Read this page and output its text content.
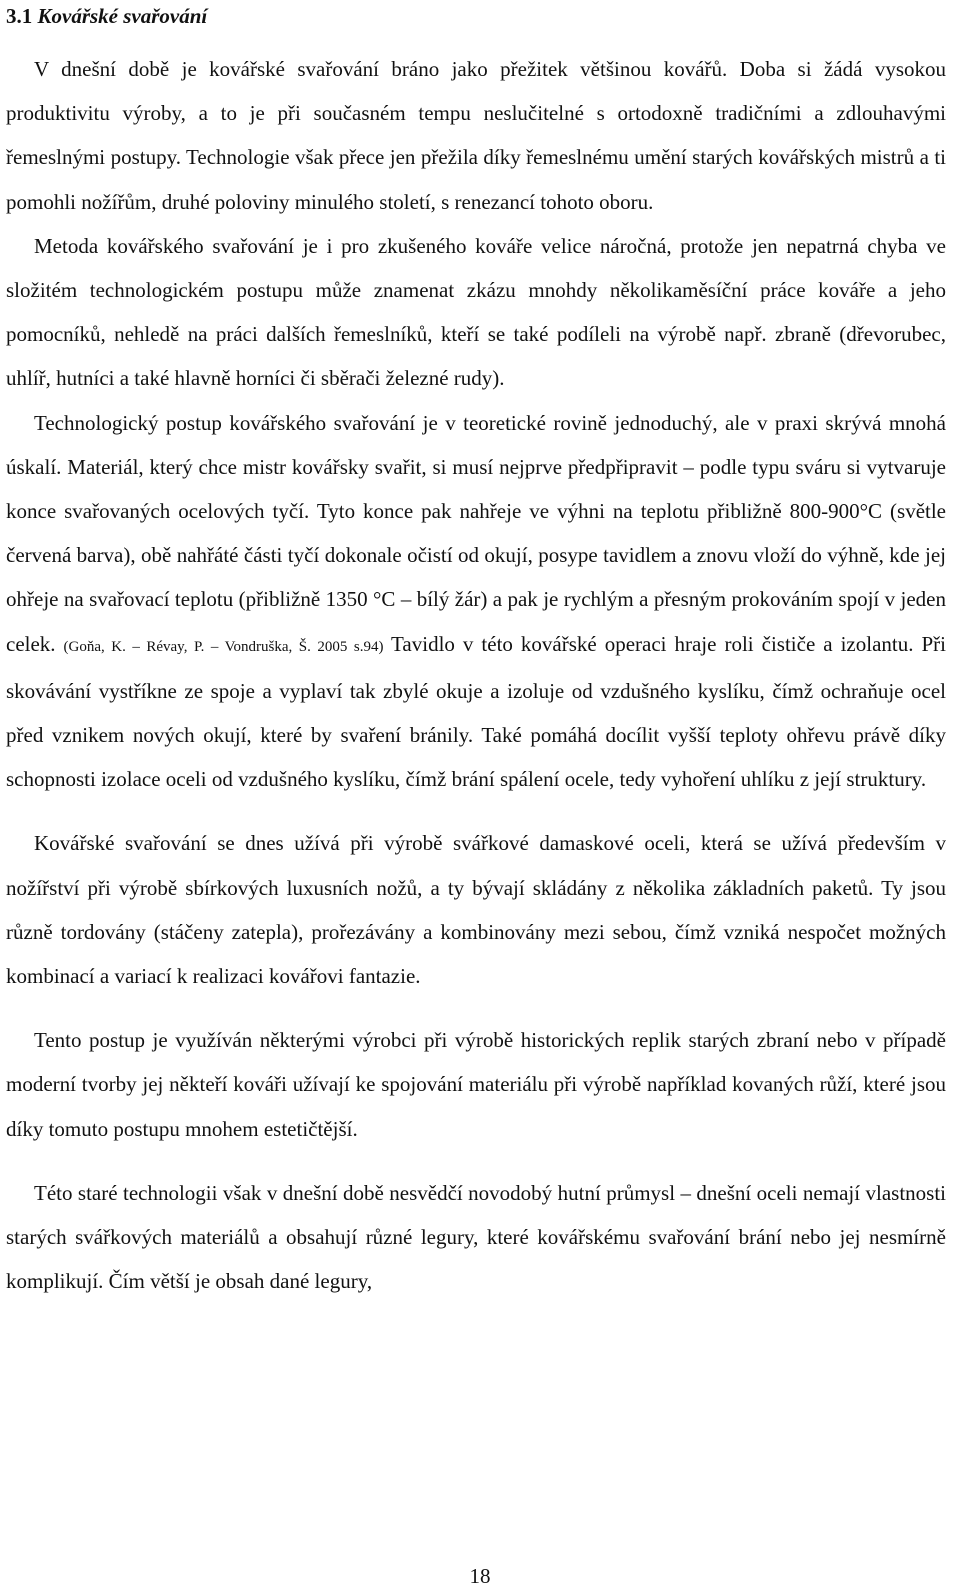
3.1 Kovářské svařování

V dnešní době je kovářské svařování bráno jako přežitek většinou kovářů. Doba si žádá vysokou produktivitu výroby, a to je při současném tempu neslučitelné s ortodoxně tradičními a zdlouhavými řemeslnými postupy. Technologie však přece jen přežila díky řemeslnému umění starých kovářských mistrů a ti pomohli nožířům, druhé poloviny minulého století, s renezancí tohoto oboru.

Metoda kovářského svařování je i pro zkušeného kováře velice náročná, protože jen nepatrná chyba ve složitém technologickém postupu může znamenat zkázu mnohdy několikaměsíční práce kováře a jeho pomocníků, nehledě na práci dalších řemeslníků, kteří se také podíleli na výrobě např. zbraně (dřevorubec, uhlíř, hutníci a také hlavně horníci či sběrači železné rudy).

Technologický postup kovářského svařování je v teoretické rovině jednoduchý, ale v praxi skrývá mnohá úskalí. Materiál, který chce mistr kovářsky svařit, si musí nejprve předpřipravit – podle typu sváru si vytvaruje konce svařovaných ocelových tyčí. Tyto konce pak nahřeje ve výhni na teplotu přibližně 800-900°C (světle červená barva), obě nahřáté části tyčí dokonale očistí od okují, posype tavidlem a znovu vloží do výhně, kde jej ohřeje na svařovací teplotu (přibližně 1350 °C – bílý žár) a pak je rychlým a přesným prokováním spojí v jeden celek. (Goňa, K. – Révay, P. – Vondruška, Š. 2005 s.94) Tavidlo v této kovářské operaci hraje roli čističe a izolantu. Při skovávání vystříkne ze spoje a vyplaví tak zbylé okuje a izoluje od vzdušného kyslíku, čímž ochraňuje ocel před vznikem nových okují, které by svaření bránily. Také pomáhá docílit vyšší teploty ohřevu právě díky schopnosti izolace oceli od vzdušného kyslíku, čímž brání spálení ocele, tedy vyhoření uhlíku z její struktury.

Kovářské svařování se dnes užívá při výrobě svářkové damaskové oceli, která se užívá především v nožířství při výrobě sbírkových luxusních nožů, a ty bývají skládány z několika základních paketů. Ty jsou různě tordovány (stáčeny zatepla), prořezávány a kombinovány mezi sebou, čímž vzniká nespočet možných kombinací a variací k realizaci kovářovi fantazie.

Tento postup je využíván některými výrobci při výrobě historických replik starých zbraní nebo v případě moderní tvorby jej někteří kováři užívají ke spojování materiálu při výrobě například kovaných růží, které jsou díky tomuto postupu mnohem estetičtější.

Této staré technologii však v dnešní době nesvědčí novodobý hutní průmysl – dnešní oceli nemají vlastnosti starých svářkových materiálů a obsahují různé legury, které kovářskému svařování brání nebo jej nesmírně komplikují. Čím větší je obsah dané legury,

18
